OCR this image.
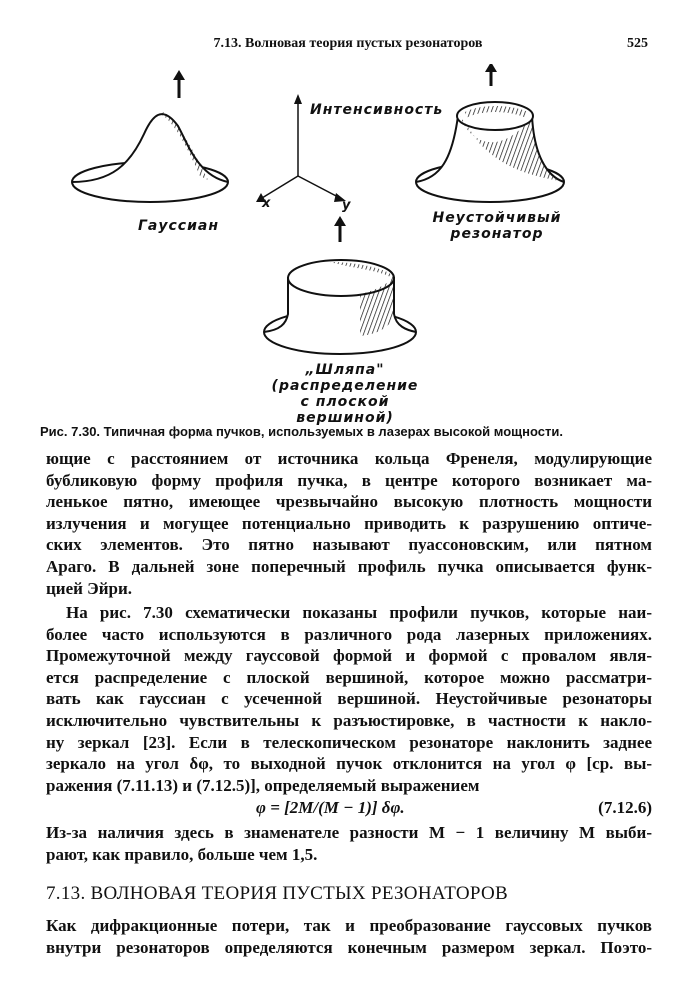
7.13. Волновая теория пустых резонаторов	525
Интенсивность
x	y
Гауссиан	Неустойчивый
резонатор
„Шляпа"
(распределение
с плоской вершиной)
Рис. 7.30. Типичная форма пучков, используемых в лазерах высокой мощности.
ющие с расстоянием от источника кольца Френеля, модулирующие
бубликовую форму профиля пучка, в центре которого возникает ма-
ленькое пятно, имеющее чрезвычайно высокую плотность мощности
излучения и могущее потенциально приводить к разрушению оптиче-
ских элементов. Это пятно называют пуассоновским, или пятном
Араго. В дальней зоне поперечный профиль пучка описывается функ-
цией Эйри.
На рис. 7.30 схематически показаны профили пучков, которые наи-
более часто используются в различного рода лазерных приложениях.
Промежуточной между гауссовой формой и формой с провалом явля-
ется распределение с плоской вершиной, которое можно рассматри-
вать как гауссиан с усеченной вершиной. Неустойчивые резонаторы
исключительно чувствительны к разъюстировке, в частности к накло-
ну зеркал [23]. Если в телескопическом резонаторе наклонить заднее
зеркало на угол δφ, то выходной пучок отклонится на угол φ [ср. вы-
ражения (7.11.13) и (7.12.5)], определяемый выражением
φ = [2M/(M − 1)] δφ.	(7.12.6)
Из-за наличия здесь в знаменателе разности M − 1 величину M выби-
рают, как правило, больше чем 1,5.
7.13. ВОЛНОВАЯ ТЕОРИЯ ПУСТЫХ РЕЗОНАТОРОВ
Как дифракционные потери, так и преобразование гауссовых пучков
внутри резонаторов определяются конечным размером зеркал. Поэто-
